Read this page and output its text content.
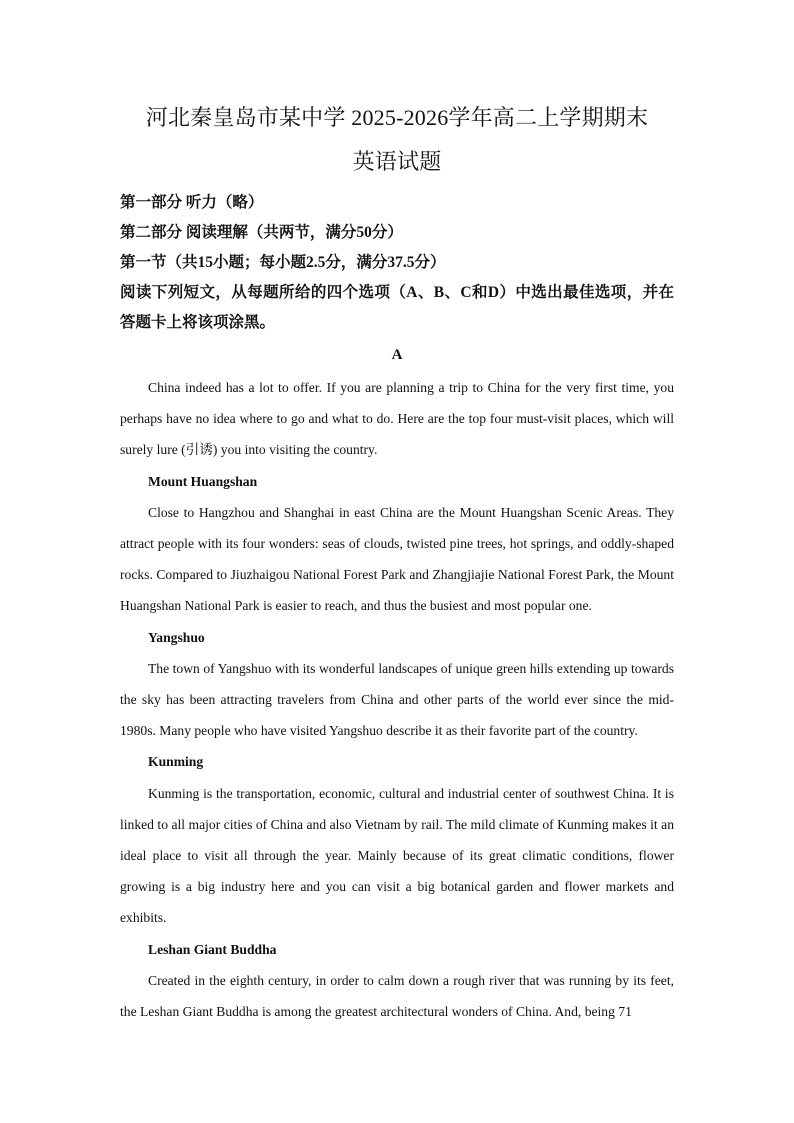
河北秦皇岛市某中学 2025-2026学年高二上学期期末
英语试题

第一部分 听力（略）

第二部分 阅读理解（共两节，满分50分）

第一节（共15小题；每小题2.5分，满分37.5分）

阅读下列短文，从每题所给的四个选项（A、B、C和D）中选出最佳选项，并在答题卡上将该项涂黑。

A

China indeed has a lot to offer. If you are planning a trip to China for the very first time, you perhaps have no idea where to go and what to do. Here are the top four must-visit places, which will surely lure (引诱) you into visiting the country.

Mount Huangshan

Close to Hangzhou and Shanghai in east China are the Mount Huangshan Scenic Areas. They attract people with its four wonders: seas of clouds, twisted pine trees, hot springs, and oddly-shaped rocks. Compared to Jiuzhaigou National Forest Park and Zhangjiajie National Forest Park, the Mount Huangshan National Park is easier to reach, and thus the busiest and most popular one.

Yangshuo

The town of Yangshuo with its wonderful landscapes of unique green hills extending up towards the sky has been attracting travelers from China and other parts of the world ever since the mid-1980s. Many people who have visited Yangshuo describe it as their favorite part of the country.

Kunming

Kunming is the transportation, economic, cultural and industrial center of southwest China. It is linked to all major cities of China and also Vietnam by rail. The mild climate of Kunming makes it an ideal place to visit all through the year. Mainly because of its great climatic conditions, flower growing is a big industry here and you can visit a big botanical garden and flower markets and exhibits.

Leshan Giant Buddha

Created in the eighth century, in order to calm down a rough river that was running by its feet, the Leshan Giant Buddha is among the greatest architectural wonders of China. And, being 71
